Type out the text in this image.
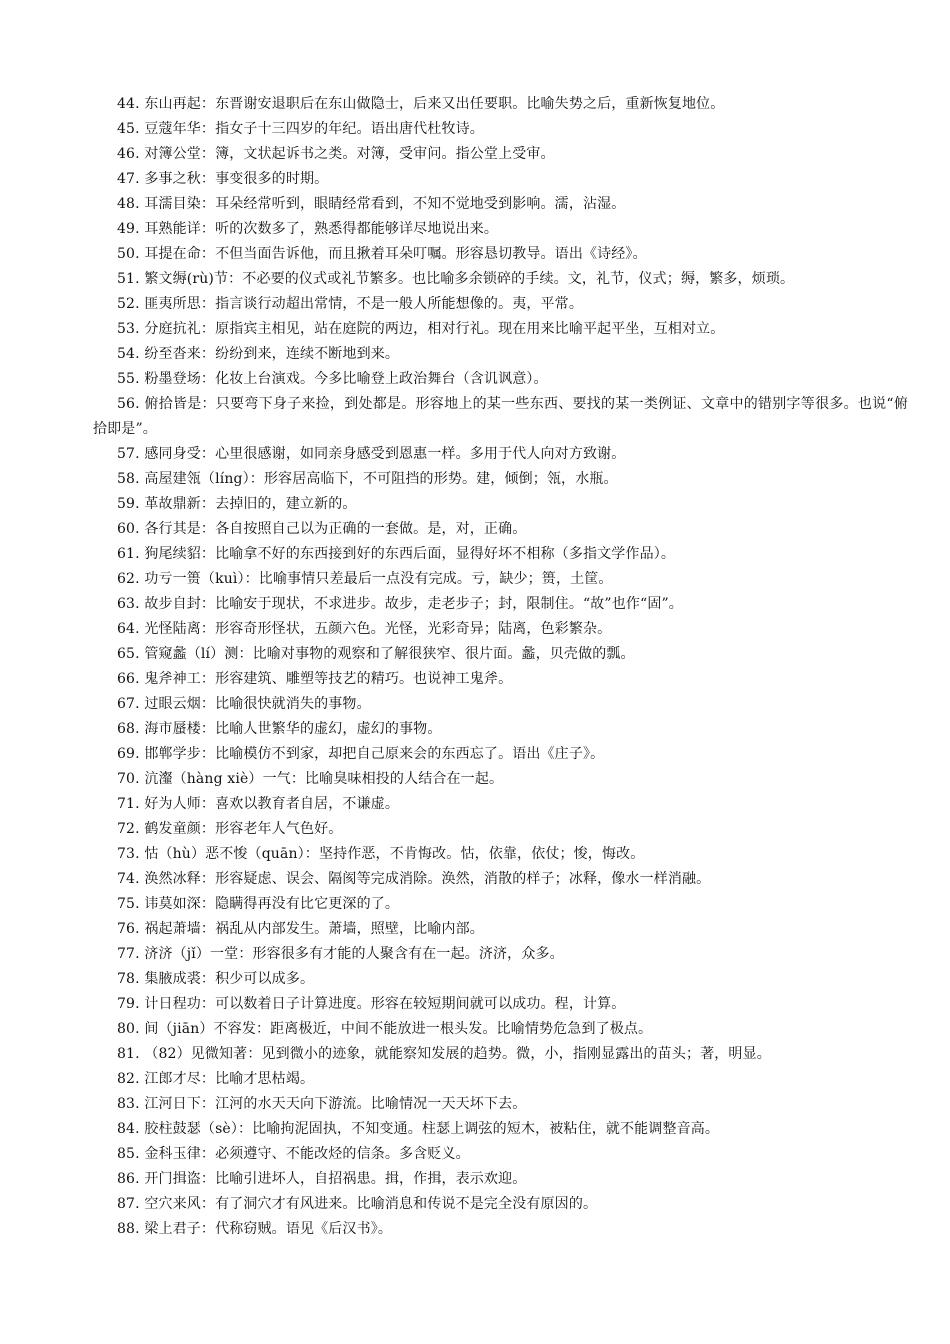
44. 东山再起：东晋谢安退职后在东山做隐士，后来又出任要职。比喻失势之后，重新恢复地位。
45. 豆蔻年华：指女子十三四岁的年纪。语出唐代杜牧诗。
46. 对簿公堂：簿，文状起诉书之类。对簿，受审问。指公堂上受审。
47. 多事之秋：事变很多的时期。
48. 耳濡目染：耳朵经常听到，眼睛经常看到，不知不觉地受到影响。濡，沾湿。
49. 耳熟能详：听的次数多了，熟悉得都能够详尽地说出来。
50. 耳提在命：不但当面告诉他，而且揪着耳朵叮嘱。形容恳切教导。语出《诗经》。
51. 繁文缛(rù)节：不必要的仪式或礼节繁多。也比喻多余锁碎的手续。文，礼节，仪式；缛，繁多，烦琐。
52. 匪夷所思：指言谈行动超出常情，不是一般人所能想像的。夷，平常。
53. 分庭抗礼：原指宾主相见，站在庭院的两边，相对行礼。现在用来比喻平起平坐，互相对立。
54. 纷至沓来：纷纷到来，连续不断地到来。
55. 粉墨登场：化妆上台演戏。今多比喻登上政治舞台（含讥讽意）。
56. 俯拾皆是：只要弯下身子来捡，到处都是。形容地上的某一些东西、要找的某一类例证、文章中的错别字等很多。也说“俯拾即是”。
57. 感同身受：心里很感谢，如同亲身感受到恩惠一样。多用于代人向对方致谢。
58. 高屋建瓴（líng）：形容居高临下，不可阻挡的形势。建，倾倒；瓴，水瓶。
59. 革故鼎新：去掉旧的，建立新的。
60. 各行其是：各自按照自己以为正确的一套做。是，对，正确。
61. 狗尾续貂：比喻拿不好的东西接到好的东西后面，显得好坏不相称（多指文学作品）。
62. 功亏一篑（kuì）：比喻事情只差最后一点没有完成。亏，缺少；篑，土筐。
63. 故步自封：比喻安于现状，不求进步。故步，走老步子；封，限制住。“故”也作“固”。
64. 光怪陆离：形容奇形怪状，五颜六色。光怪，光彩奇异；陆离，色彩繁杂。
65. 管窥蠡（lí）测：比喻对事物的观察和了解很狭窄、很片面。蠡，贝壳做的瓢。
66. 鬼斧神工：形容建筑、雕塑等技艺的精巧。也说神工鬼斧。
67. 过眼云烟：比喻很快就消失的事物。
68. 海市蜃楼：比喻人世繁华的虚幻，虚幻的事物。
69. 邯郸学步：比喻模仿不到家，却把自己原来会的东西忘了。语出《庄子》。
70. 沆瀣（hàng xiè）一气：比喻臭味相投的人结合在一起。
71. 好为人师：喜欢以教育者自居，不谦虚。
72. 鹤发童颜：形容老年人气色好。
73. 怙（hù）恶不悛（quān）：坚持作恶，不肯悔改。怙，依靠，依仗；悛，悔改。
74. 涣然冰释：形容疑虑、误会、隔阂等完成消除。涣然，消散的样子；冰释，像水一样消融。
75. 讳莫如深：隐瞒得再没有比它更深的了。
76. 祸起萧墙：祸乱从内部发生。萧墙，照壁，比喻内部。
77. 济济（jǐ）一堂：形容很多有才能的人聚含有在一起。济济，众多。
78. 集腋成裘：积少可以成多。
79. 计日程功：可以数着日子计算进度。形容在较短期间就可以成功。程，计算。
80. 间（jiān）不容发：距离极近，中间不能放进一根头发。比喻情势危急到了极点。
81. （82）见微知著：见到微小的迹象，就能察知发展的趋势。微，小，指刚显露出的苗头；著，明显。
82. 江郎才尽：比喻才思枯竭。
83. 江河日下：江河的水天天向下游流。比喻情况一天天坏下去。
84. 胶柱鼓瑟（sè）：比喻拘泥固执，不知变通。柱瑟上调弦的短木，被粘住，就不能调整音高。
85. 金科玉律：必须遵守、不能改烃的信条。多含贬义。
86. 开门揖盗：比喻引进坏人，自招祸患。揖，作揖，表示欢迎。
87. 空穴来风：有了洞穴才有风进来。比喻消息和传说不是完全没有原因的。
88. 梁上君子：代称窃贼。语见《后汉书》。
